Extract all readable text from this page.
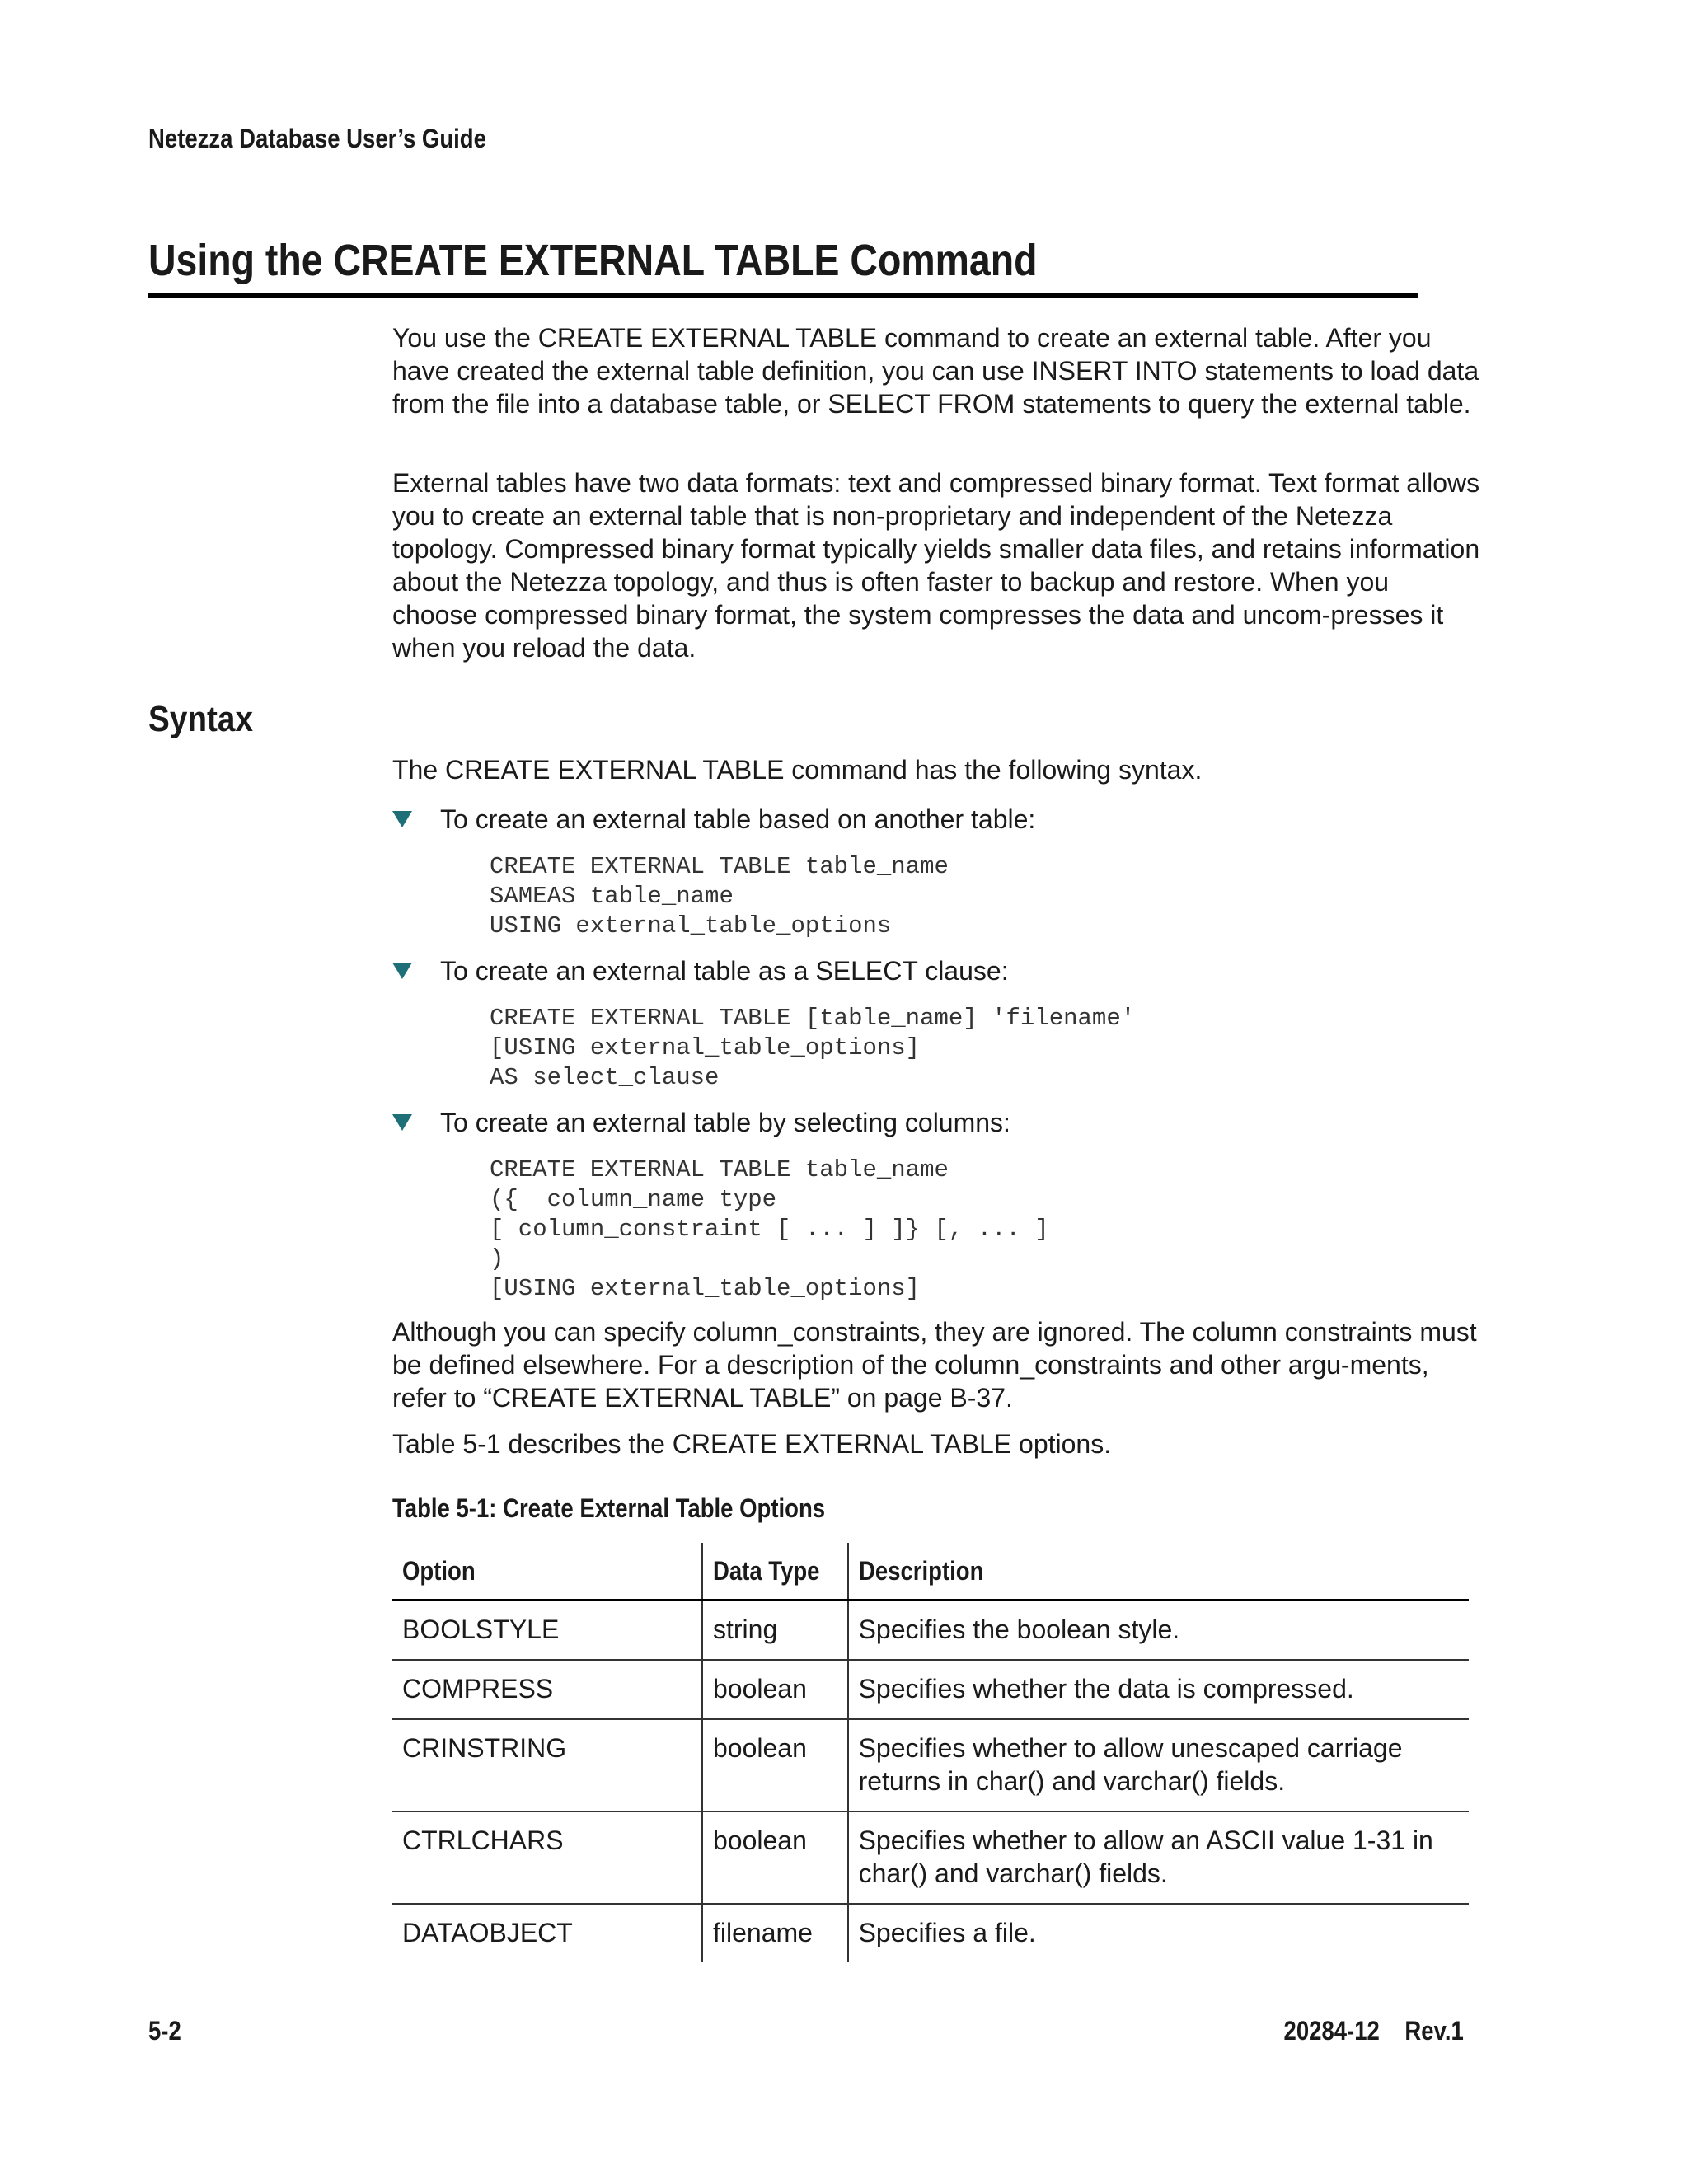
Netezza Database User’s Guide
Using the CREATE EXTERNAL TABLE Command

You use the CREATE EXTERNAL TABLE command to create an external table. After you have created the external table definition, you can use INSERT INTO statements to load data from the file into a database table, or SELECT FROM statements to query the external table.

External tables have two data formats: text and compressed binary format. Text format allows you to create an external table that is non-proprietary and independent of the Netezza topology. Compressed binary format typically yields smaller data files, and retains information about the Netezza topology, and thus is often faster to backup and restore. When you choose compressed binary format, the system compresses the data and uncom-presses it when you reload the data.

Syntax

The CREATE EXTERNAL TABLE command has the following syntax.

To create an external table based on another table:
CREATE EXTERNAL TABLE table_name
SAMEAS table_name
USING external_table_options
To create an external table as a SELECT clause:
CREATE EXTERNAL TABLE [table_name] 'filename'
[USING external_table_options]
AS select_clause
To create an external table by selecting columns:
CREATE EXTERNAL TABLE table_name
({  column_name type
[ column_constraint [ ... ] ]} [, ... ]
)
[USING external_table_options]

Although you can specify column_constraints, they are ignored. The column constraints must be defined elsewhere. For a description of the column_constraints and other argu-ments, refer to “CREATE EXTERNAL TABLE” on page B-37.

Table 5-1 describes the CREATE EXTERNAL TABLE options.

Table 5-1: Create External Table Options
Option	Data Type	Description
BOOLSTYLE	string	Specifies the boolean style.
COMPRESS	boolean	Specifies whether the data is compressed.
CRINSTRING	boolean	Specifies whether to allow unescaped carriage returns in char() and varchar() fields.
CTRLCHARS	boolean	Specifies whether to allow an ASCII value 1-31 in char() and varchar() fields.
DATAOBJECT	filename	Specifies a file.
5-2	20284-12    Rev.1
